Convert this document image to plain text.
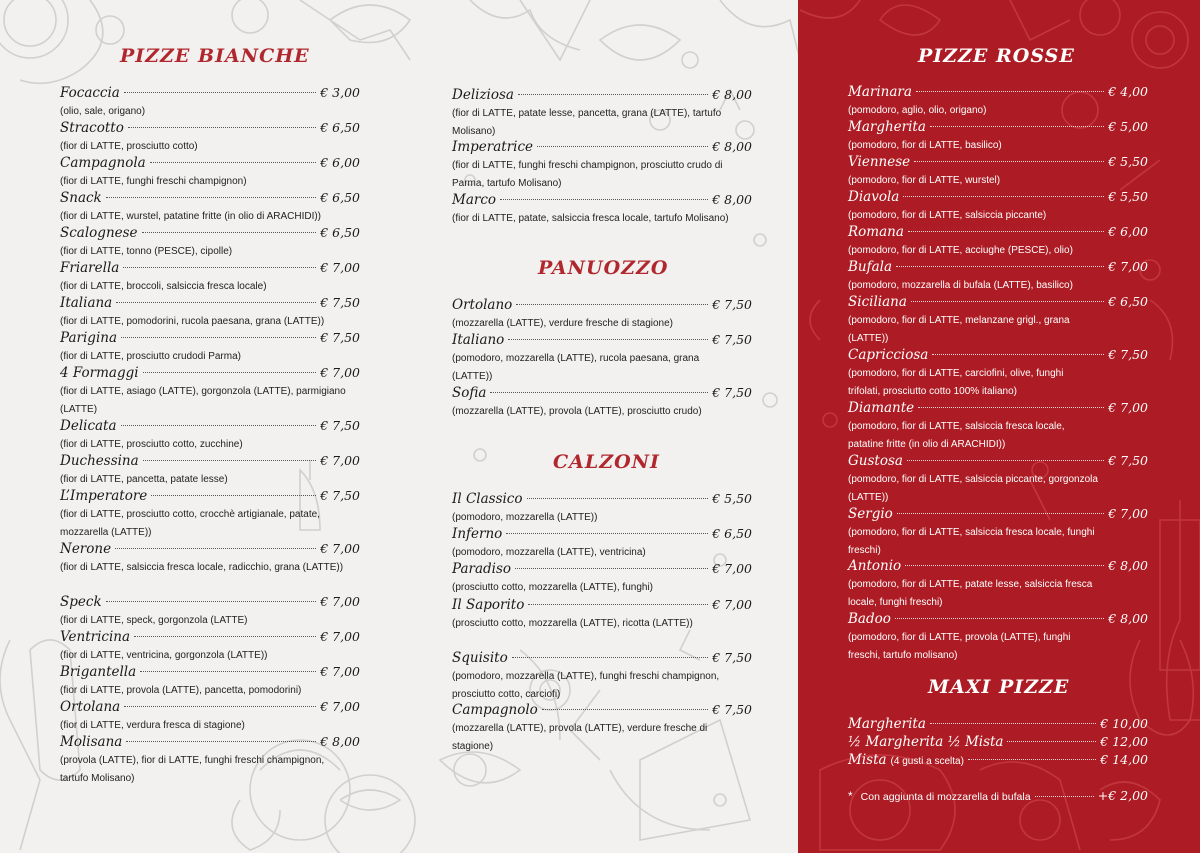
PIZZE BIANCHE
Focaccia	€ 3,00
(olio, sale, origano)
Stracotto	€ 6,50
(fior di LATTE, prosciutto cotto)
Campagnola	€ 6,00
(fior di LATTE, funghi freschi champignon)
Snack	€ 6,50
(fior di LATTE, wurstel, patatine fritte (in olio di ARACHIDI))
Scalognese	€ 6,50
(fior di LATTE, tonno (PESCE), cipolle)
Friarella	€ 7,00
(fior di LATTE, broccoli, salsiccia fresca locale)
Italiana	€ 7,50
(fior di LATTE, pomodorini, rucola paesana, grana (LATTE))
Parigina	€ 7,50
(fior di LATTE, prosciutto crudodi Parma)
4 Formaggi	€ 7,00
(fior di LATTE, asiago (LATTE), gorgonzola (LATTE), parmigiano (LATTE)
Delicata	€ 7,50
(fior di LATTE, prosciutto cotto, zucchine)
Duchessina	€ 7,00
(fior di LATTE, pancetta, patate lesse)
L’Imperatore	€ 7,50
(fior di LATTE, prosciutto cotto, crocchè artigianale, patate, mozzarella (LATTE))
Nerone	€ 7,00
(fior di LATTE, salsiccia fresca locale, radicchio, grana (LATTE))
Speck	€ 7,00
(fior di LATTE, speck, gorgonzola (LATTE)
Ventricina	€ 7,00
(fior di LATTE, ventricina, gorgonzola (LATTE))
Brigantella	€ 7,00
(fior di LATTE, provola (LATTE), pancetta, pomodorini)
Ortolana	€ 7,00
(fior di LATTE, verdura fresca di stagione)
Molisana	€ 8,00
(provola (LATTE), fior di LATTE, funghi freschi champignon, tartufo Molisano)
Deliziosa	€ 8,00
(fior di LATTE, patate lesse, pancetta, grana (LATTE), tartufo Molisano)
Imperatrice	€ 8,00
(fior di LATTE, funghi freschi champignon, prosciutto crudo di Parma, tartufo Molisano)
Marco	€ 8,00
(fior di LATTE, patate, salsiccia fresca locale, tartufo Molisano)
PANUOZZO
Ortolano	€ 7,50
(mozzarella (LATTE), verdure fresche di stagione)
Italiano	€ 7,50
(pomodoro, mozzarella (LATTE), rucola paesana, grana (LATTE))
Sofia	€ 7,50
(mozzarella (LATTE), provola (LATTE), prosciutto crudo)
CALZONI
Il Classico	€ 5,50
(pomodoro, mozzarella (LATTE))
Inferno	€ 6,50
(pomodoro, mozzarella (LATTE), ventricina)
Paradiso	€ 7,00
(prosciutto cotto, mozzarella (LATTE), funghi)
Il Saporito	€ 7,00
(prosciutto cotto, mozzarella (LATTE), ricotta (LATTE))
Squisito	€ 7,50
(pomodoro, mozzarella (LATTE), funghi freschi champignon, prosciutto cotto, carciofi)
Campagnolo	€ 7,50
(mozzarella (LATTE), provola (LATTE), verdure fresche di stagione)
PIZZE ROSSE
MAXI PIZZE
Marinara	€ 4,00
(pomodoro, aglio, olio, origano)
Margherita	€ 5,00
(pomodoro, fior di LATTE, basilico)
Viennese	€ 5,50
(pomodoro, fior di LATTE, wurstel)
Diavola	€ 5,50
(pomodoro, fior di LATTE, salsiccia piccante)
Romana	€ 6,00
(pomodoro, fior di LATTE, acciughe (PESCE), olio)
Bufala	€ 7,00
(pomodoro, mozzarella di bufala (LATTE), basilico)
Siciliana	€ 6,50
(pomodoro, fior di LATTE, melanzane grigl., grana (LATTE))
Capricciosa	€ 7,50
(pomodoro, fior di LATTE, carciofini, olive, funghi trifolati, prosciutto cotto 100% italiano)
Diamante	€ 7,00
(pomodoro, fior di LATTE, salsiccia fresca locale, patatine fritte (in olio di ARACHIDI))
Gustosa	€ 7,50
(pomodoro, fior di LATTE, salsiccia piccante, gorgonzola (LATTE))
Sergio	€ 7,00
(pomodoro, fior di LATTE, salsiccia fresca locale, funghi freschi)
Antonio	€ 8,00
(pomodoro, fior di LATTE, patate lesse, salsiccia fresca locale, funghi freschi)
Badoo	€ 8,00
(pomodoro, fior di LATTE, provola (LATTE), funghi freschi, tartufo molisano)
Margherita	€ 10,00
½ Margherita ½ Mista	€ 12,00
Mista (4 gusti a scelta)	€ 14,00
* Con aggiunta di mozzarella di bufala	+€ 2,00
